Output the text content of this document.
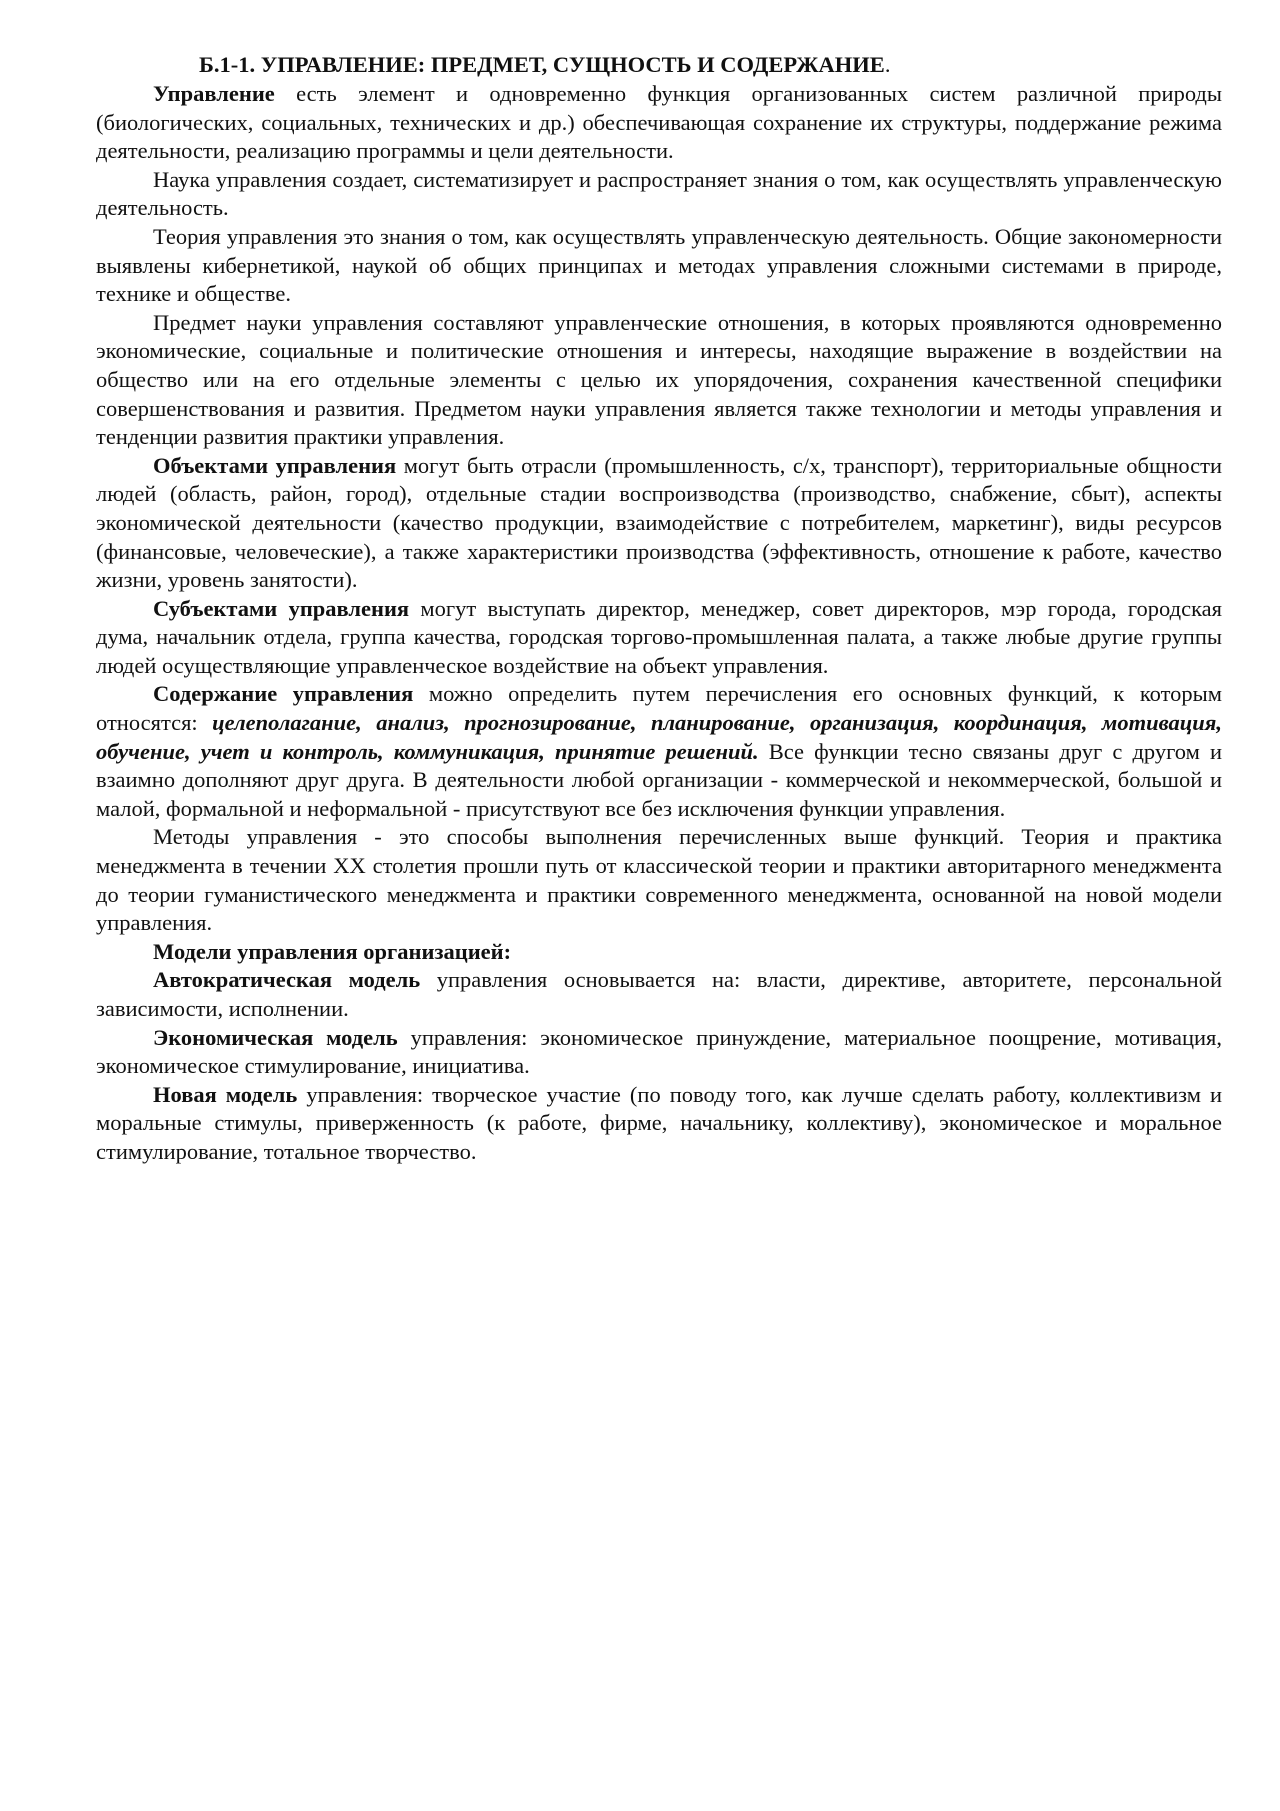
Б.1-1. УПРАВЛЕНИЕ: ПРЕДМЕТ, СУЩНОСТЬ И СОДЕРЖАНИЕ.

Управление есть элемент и одновременно функция организованных систем различной природы (биологических, социальных, технических и др.) обеспечивающая сохранение их структуры, поддержание режима деятельности, реализацию программы и цели деятельности.

Наука управления создает, систематизирует и распространяет знания о том, как осуществлять управленческую деятельность.

Теория управления это знания о том, как осуществлять управленческую деятельность. Общие закономерности выявлены кибернетикой, наукой об общих принципах и методах управления сложными системами в природе, технике и обществе.

Предмет науки управления составляют управленческие отношения, в которых проявляются одновременно экономические, социальные и политические отношения и интересы, находящие выражение в воздействии на общество или на его отдельные элементы с целью их упорядочения, сохранения качественной специфики совершенствования и развития. Предметом науки управления является также технологии и методы управления и тенденции развития практики управления.

Объектами управления могут быть отрасли (промышленность, с/х, транспорт), территориальные общности людей (область, район, город), отдельные стадии воспроизводства (производство, снабжение, сбыт), аспекты экономической деятельности (качество продукции, взаимодействие с потребителем, маркетинг), виды ресурсов (финансовые, человеческие), а также характеристики производства (эффективность, отношение к работе, качество жизни, уровень занятости).

Субъектами управления могут выступать директор, менеджер, совет директоров, мэр города, городская дума, начальник отдела, группа качества, городская торгово-промышленная палата, а также любые другие группы людей осуществляющие управленческое воздействие на объект управления.

Содержание управления можно определить путем перечисления его основных функций, к которым относятся: целеполагание, анализ, прогнозирование, планирование, организация, координация, мотивация, обучение, учет и контроль, коммуникация, принятие решений. Все функции тесно связаны друг с другом и взаимно дополняют друг друга. В деятельности любой организации - коммерческой и некоммерческой, большой и малой, формальной и неформальной - присутствуют все без исключения функции управления.

Методы управления - это способы выполнения перечисленных выше функций. Теория и практика менеджмента в течении XX столетия прошли путь от классической теории и практики авторитарного менеджмента до теории гуманистического менеджмента и практики современного менеджмента, основанной на новой модели управления.

Модели управления организацией:

Автократическая модель управления основывается на: власти, директиве, авторитете, персональной зависимости, исполнении.

Экономическая модель управления: экономическое принуждение, материальное поощрение, мотивация, экономическое стимулирование, инициатива.

Новая модель управления: творческое участие (по поводу того, как лучше сделать работу, коллективизм и моральные стимулы, приверженность (к работе, фирме, начальнику, коллективу), экономическое и моральное стимулирование, тотальное творчество.
